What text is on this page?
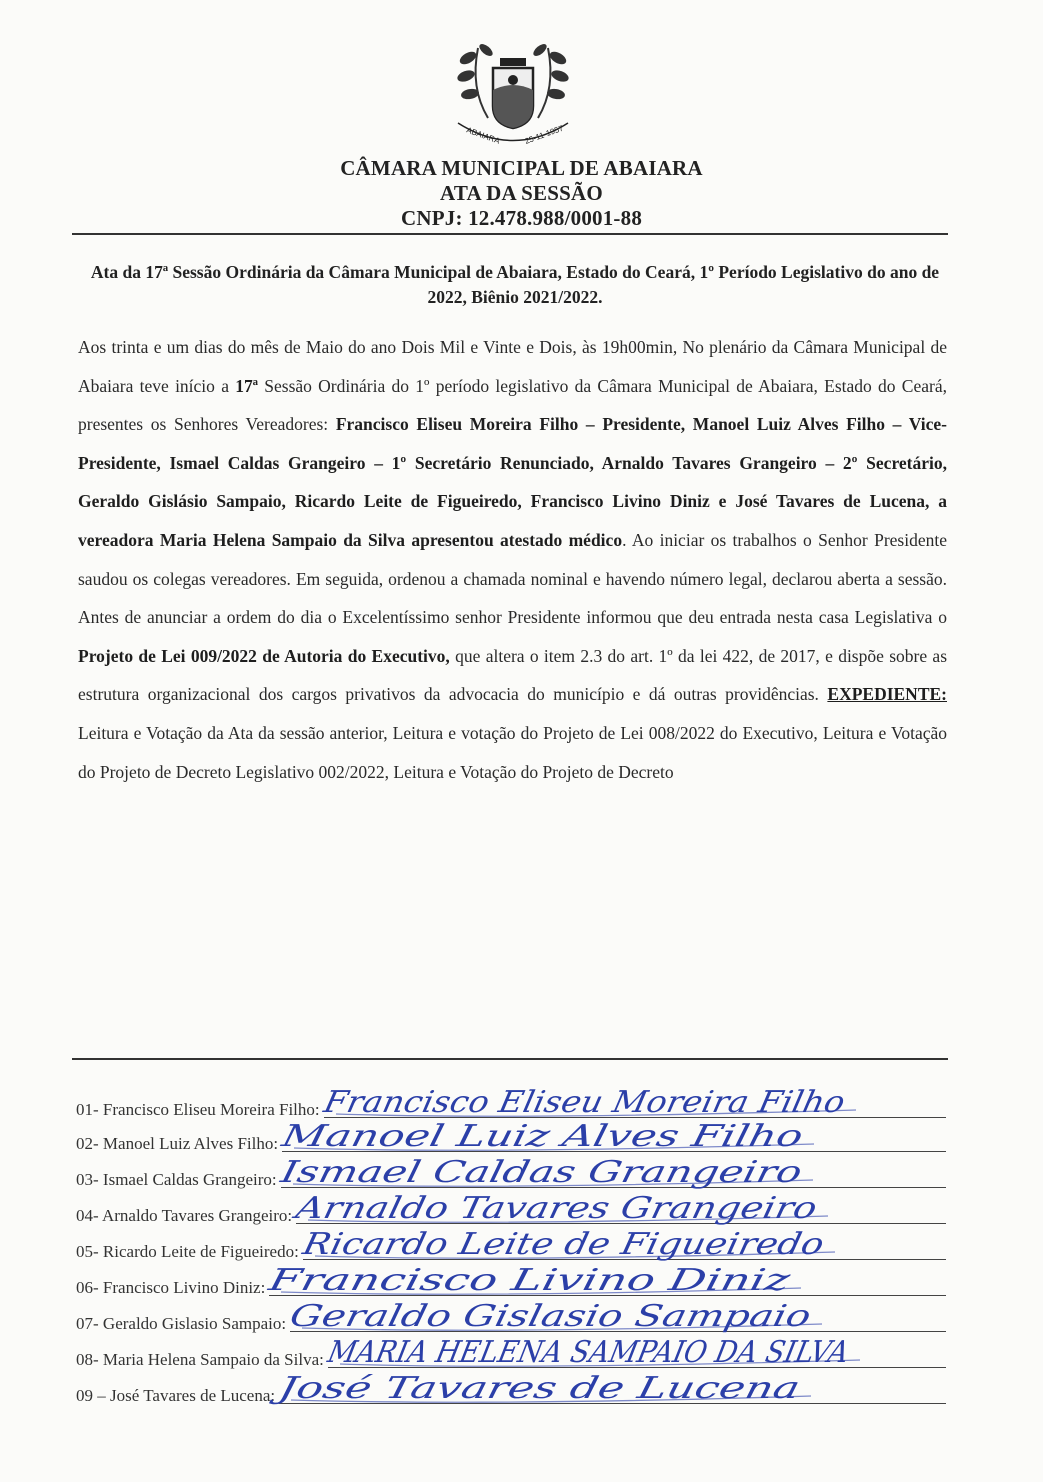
ABAIARA	25-11-1957
CÂMARA MUNICIPAL DE ABAIARA
ATA DA SESSÃO
CNPJ: 12.478.988/0001-88
Ata da 17ª Sessão Ordinária da Câmara Municipal de Abaiara, Estado do Ceará, 1º Período Legislativo do ano de 2022, Biênio 2021/2022.
Aos trinta e um dias do mês de Maio do ano Dois Mil e Vinte e Dois, às 19h00min, No plenário da Câmara Municipal de Abaiara teve início a 17ª Sessão Ordinária do 1º período legislativo da Câmara Municipal de Abaiara, Estado do Ceará, presentes os Senhores Vereadores: Francisco Eliseu Moreira Filho – Presidente, Manoel Luiz Alves Filho – Vice-Presidente, Ismael Caldas Grangeiro – 1º Secretário Renunciado, Arnaldo Tavares Grangeiro – 2º Secretário, Geraldo Gislásio Sampaio, Ricardo Leite de Figueiredo, Francisco Livino Diniz e José Tavares de Lucena, a vereadora Maria Helena Sampaio da Silva apresentou atestado médico. Ao iniciar os trabalhos o Senhor Presidente saudou os colegas vereadores. Em seguida, ordenou a chamada nominal e havendo número legal, declarou aberta a sessão. Antes de anunciar a ordem do dia o Excelentíssimo senhor Presidente informou que deu entrada nesta casa Legislativa o Projeto de Lei 009/2022 de Autoria do Executivo, que altera o item 2.3 do art. 1º da lei 422, de 2017, e dispõe sobre as estrutura organizacional dos cargos privativos da advocacia do município e dá outras providências. EXPEDIENTE: Leitura e Votação da Ata da sessão anterior, Leitura e votação do Projeto de Lei 008/2022 do Executivo, Leitura e Votação do Projeto de Decreto Legislativo 002/2022, Leitura e Votação do Projeto de Decreto
01- Francisco Eliseu Moreira Filho: Francisco Eliseu Moreira Filho
02- Manoel Luiz Alves Filho: Manoel Luiz Alves Filho
03- Ismael Caldas Grangeiro: Ismael Caldas Grangeiro
04- Arnaldo Tavares Grangeiro: Arnaldo Tavares Grangeiro
05- Ricardo Leite de Figueiredo: Ricardo Leite de Figueiredo
06- Francisco Livino Diniz: Francisco Livino Diniz
07- Geraldo Gislasio Sampaio: Geraldo Gislasio Sampaio
08- Maria Helena Sampaio da Silva: MARIA HELENA SAMPAIO DA SILVA
09 – José Tavares de Lucena: José Tavares de Lucena
